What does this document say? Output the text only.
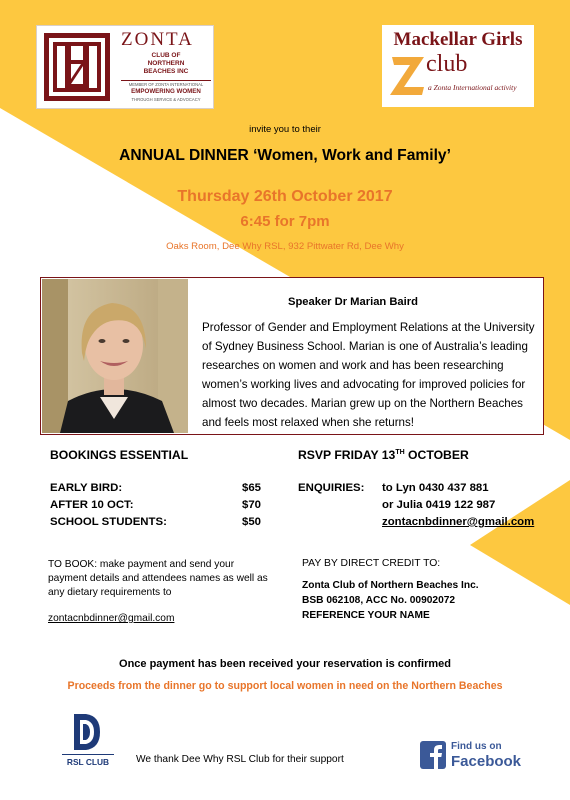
ZONTA
CLUB OF
NORTHERN
BEACHES INC
MEMBER OF ZONTA INTERNATIONAL
EMPOWERING WOMEN
THROUGH SERVICE & ADVOCACY
Mackellar Girls
club
a Zonta International activity
invite you to their
ANNUAL DINNER ‘Women, Work and Family’
Thursday 26th October 2017
6:45 for 7pm
Oaks Room, Dee Why RSL, 932 Pittwater Rd, Dee Why
Speaker Dr Marian Baird
Professor of Gender and Employment Relations at the University of Sydney Business School. Marian is one of Australia’s leading researches on women and work and has been researching women’s working lives and advocating for improved policies for almost two decades. Marian grew up on the Northern Beaches and feels most relaxed when she returns!
BOOKINGS ESSENTIAL
EARLY BIRD:	$65
AFTER 10 OCT:	$70
SCHOOL STUDENTS:	$50
RSVP FRIDAY 13TH OCTOBER
ENQUIRIES: to Lyn 0430 437 881
or Julia 0419 122 987
zontacnbdinner@gmail.com
TO BOOK: make payment and send your payment details and attendees names as well as any dietary requirements to
zontacnbdinner@gmail.com
PAY BY DIRECT CREDIT TO:
Zonta Club of Northern Beaches Inc.
BSB 062108, ACC No. 00902072
REFERENCE YOUR NAME
Once payment has been received your reservation is confirmed
Proceeds from the dinner go to support local women in need on the Northern Beaches
RSL CLUB	We thank Dee Why RSL Club for their support
Find us on
Facebook
